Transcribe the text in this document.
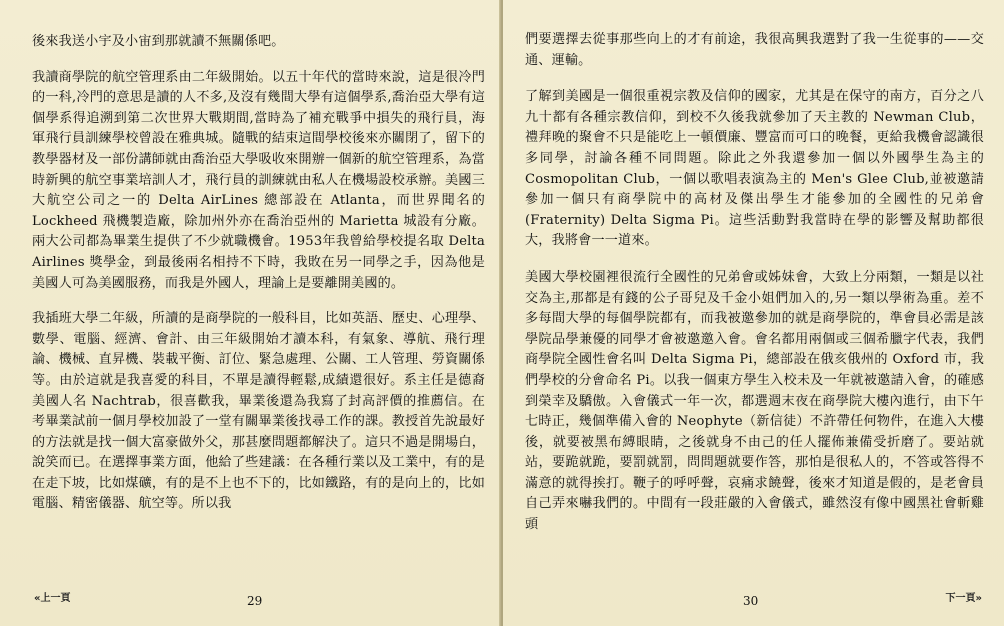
後來我送小宇及小宙到那就讀不無關係吧。

我讀商學院的航空管理系由二年級開始。以五十年代的當時來說，這是很冷門的一科,冷門的意思是讀的人不多,及沒有幾間大學有這個學系,喬治亞大學有這個學系得追溯到第二次世界大戰期間,當時為了補充戰爭中損失的飛行員，海軍飛行員訓練學校曾設在雅典城。隨戰的結束這間學校後來亦關閉了，留下的教學器材及一部份講師就由喬治亞大學吸收來開辦一個新的航空管理系，為當時新興的航空事業培訓人才，飛行員的訓練就由私人在機場設校承辦。美國三大航空公司之一的 Delta AirLines 總部設在 Atlanta，而世界聞名的 Lockheed 飛機製造廠，除加州外亦在喬治亞州的 Marietta 城設有分廠。兩大公司都為畢業生提供了不少就職機會。1953年我曾給學校提名取 Delta Airlines 獎學金，到最後兩名相持不下時，我敗在另一同學之手，因為他是美國人可為美國服務，而我是外國人，理論上是要離開美國的。

我插班大學二年級，所讀的是商學院的一般科目，比如英語、歷史、心理學、數學、電腦、經濟、會計、由三年級開始才讀本科，有氣象、導航、飛行理論、機械、直昇機、裝載平衡、訂位、緊急處理、公關、工人管理、勞資關係等。由於這就是我喜愛的科目，不單是讀得輕鬆,成績還很好。系主任是德裔美國人名 Nachtrab，很喜歡我，畢業後還為我寫了封高評價的推薦信。在考畢業試前一個月學校加設了一堂有關畢業後找尋工作的課。教授首先說最好的方法就是找一個大富豪做外父，那甚麼問題都解決了。這只不過是開場白，說笑而已。在選擇事業方面，他給了些建議：在各種行業以及工業中，有的是在走下坡，比如煤礦，有的是不上也不下的，比如鐵路，有的是向上的，比如電腦、精密儀器、航空等。所以我

«上一頁	29

們要選擇去從事那些向上的才有前途，我很高興我選對了我一生從事的——交通、運輸。

了解到美國是一個很重視宗教及信仰的國家，尤其是在保守的南方，百分之八九十都有各種宗教信仰，到校不久後我就參加了天主教的 Newman Club，禮拜晚的聚會不只是能吃上一頓價廉、豐富而可口的晚餐，更給我機會認識很多同學，討論各種不同問題。除此之外我還參加一個以外國學生為主的 Cosmopolitan Club，一個以歌唱表演為主的 Men's Glee Club,並被邀請參加一個只有商學院中的高材及傑出學生才能參加的全國性的兄弟會 (Fraternity) Delta Sigma Pi。這些活動對我當時在學的影響及幫助都很大，我將會一一道來。

美國大學校園裡很流行全國性的兄弟會或姊妹會，大致上分兩類，一類是以社交為主,那都是有錢的公子哥兒及千金小姐們加入的,另一類以學術為重。差不多每間大學的每個學院都有，而我被邀參加的就是商學院的，準會員必需是該學院品學兼優的同學才會被邀邀入會。會名都用兩個或三個希臘字代表，我們商學院全國性會名叫 Delta Sigma Pi，總部設在俄亥俄州的 Oxford 市，我們學校的分會命名 Pi。以我一個東方學生入校未及一年就被邀請入會，的確感到榮幸及驕傲。入會儀式一年一次，都選週末夜在商學院大樓內進行，由下午七時正，幾個準備入會的 Neophyte（新信徒）不許帶任何物件，在進入大樓後，就要被黑布縛眼睛，之後就身不由己的任人擺佈兼備受折磨了。要站就站，要跪就跪，要罰就罰，問問題就要作答，那怕是很私人的，不答或答得不滿意的就得挨打。鞭子的呼呼聲，哀痛求饒聲，後來才知道是假的，是老會員自己弄來嚇我們的。中間有一段莊嚴的入會儀式，雖然沒有像中國黑社會斬雞頭

30	下一頁»
